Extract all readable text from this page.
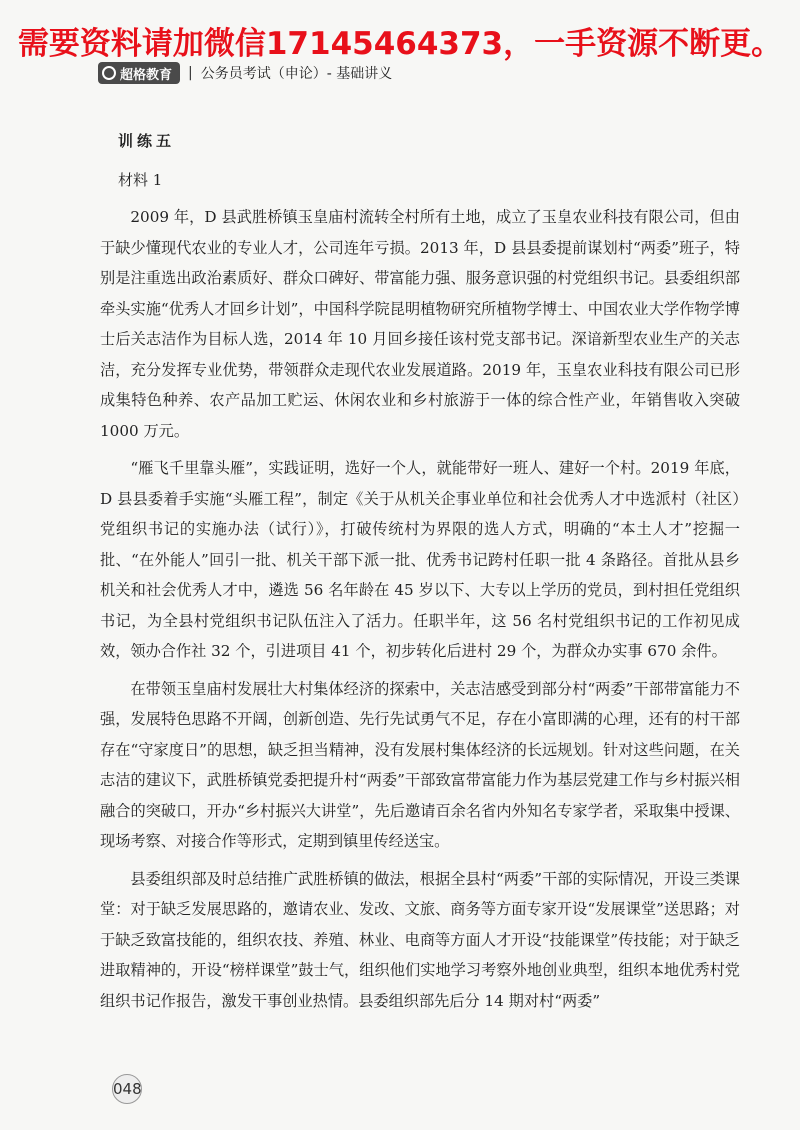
需要资料请加微信17145464373，一手资源不断更。
超格教育 | 公务员考试（申论）- 基础讲义
训练五
材料 1

2009 年，D 县武胜桥镇玉皇庙村流转全村所有土地，成立了玉皇农业科技有限公司，但由于缺少懂现代农业的专业人才，公司连年亏损。2013 年，D 县县委提前谋划村“两委”班子，特别是注重选出政治素质好、群众口碑好、带富能力强、服务意识强的村党组织书记。县委组织部牵头实施“优秀人才回乡计划”，中国科学院昆明植物研究所植物学博士、中国农业大学作物学博士后关志洁作为目标人选，2014 年 10 月回乡接任该村党支部书记。深谙新型农业生产的关志洁，充分发挥专业优势，带领群众走现代农业发展道路。2019 年，玉皇农业科技有限公司已形成集特色种养、农产品加工贮运、休闲农业和乡村旅游于一体的综合性产业，年销售收入突破 1000 万元。

“雁飞千里靠头雁”，实践证明，选好一个人，就能带好一班人、建好一个村。2019 年底，D 县县委着手实施“头雁工程”，制定《关于从机关企事业单位和社会优秀人才中选派村（社区）党组织书记的实施办法（试行）》，打破传统村为界限的选人方式，明确的“本土人才”挖掘一批、“在外能人”回引一批、机关干部下派一批、优秀书记跨村任职一批 4 条路径。首批从县乡机关和社会优秀人才中，遴选 56 名年龄在 45 岁以下、大专以上学历的党员，到村担任党组织书记，为全县村党组织书记队伍注入了活力。任职半年，这 56 名村党组织书记的工作初见成效，领办合作社 32 个，引进项目 41 个，初步转化后进村 29 个，为群众办实事 670 余件。

在带领玉皇庙村发展壮大村集体经济的探索中，关志洁感受到部分村“两委”干部带富能力不强，发展特色思路不开阔，创新创造、先行先试勇气不足，存在小富即满的心理，还有的村干部存在“守家度日”的思想，缺乏担当精神，没有发展村集体经济的长远规划。针对这些问题，在关志洁的建议下，武胜桥镇党委把提升村“两委”干部致富带富能力作为基层党建工作与乡村振兴相融合的突破口，开办“乡村振兴大讲堂”，先后邀请百余名省内外知名专家学者，采取集中授课、现场考察、对接合作等形式，定期到镇里传经送宝。

县委组织部及时总结推广武胜桥镇的做法，根据全县村“两委”干部的实际情况，开设三类课堂：对于缺乏发展思路的，邀请农业、发改、文旅、商务等方面专家开设“发展课堂”送思路；对于缺乏致富技能的，组织农技、养殖、林业、电商等方面人才开设“技能课堂”传技能；对于缺乏进取精神的，开设“榜样课堂”鼓士气，组织他们实地学习考察外地创业典型，组织本地优秀村党组织书记作报告，激发干事创业热情。县委组织部先后分 14 期对村“两委”

048
